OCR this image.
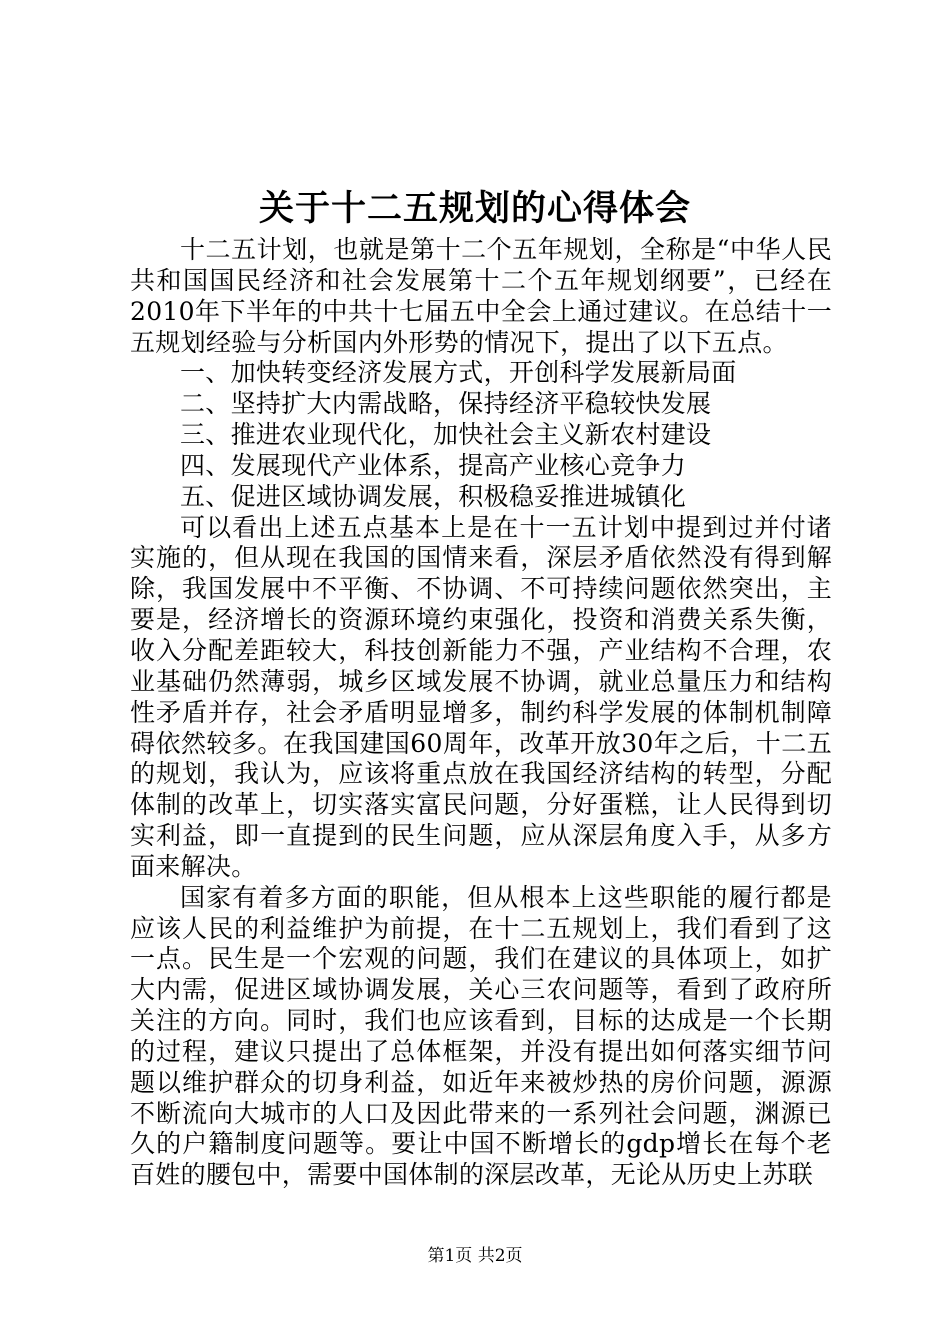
关于十二五规划的心得体会

十二五计划，也就是第十二个五年规划，全称是“中华人民共和国国民经济和社会发展第十二个五年规划纲要”，已经在2010年下半年的中共十七届五中全会上通过建议。在总结十一五规划经验与分析国内外形势的情况下，提出了以下五点。

一、加快转变经济发展方式，开创科学发展新局面

二、坚持扩大内需战略，保持经济平稳较快发展

三、推进农业现代化，加快社会主义新农村建设

四、发展现代产业体系，提高产业核心竞争力

五、促进区域协调发展，积极稳妥推进城镇化

可以看出上述五点基本上是在十一五计划中提到过并付诸实施的，但从现在我国的国情来看，深层矛盾依然没有得到解除，我国发展中不平衡、不协调、不可持续问题依然突出，主要是，经济增长的资源环境约束强化，投资和消费关系失衡，收入分配差距较大，科技创新能力不强，产业结构不合理，农业基础仍然薄弱，城乡区域发展不协调，就业总量压力和结构性矛盾并存，社会矛盾明显增多，制约科学发展的体制机制障碍依然较多。在我国建国60周年，改革开放30年之后，十二五的规划，我认为，应该将重点放在我国经济结构的转型，分配体制的改革上，切实落实富民问题，分好蛋糕，让人民得到切实利益，即一直提到的民生问题，应从深层角度入手，从多方面来解决。

国家有着多方面的职能，但从根本上这些职能的履行都是应该人民的利益维护为前提，在十二五规划上，我们看到了这一点。民生是一个宏观的问题，我们在建议的具体项上，如扩大内需，促进区域协调发展，关心三农问题等，看到了政府所关注的方向。同时，我们也应该看到，目标的达成是一个长期的过程，建议只提出了总体框架，并没有提出如何落实细节问题以维护群众的切身利益，如近年来被炒热的房价问题，源源不断流向大城市的人口及因此带来的一系列社会问题，渊源已久的户籍制度问题等。要让中国不断增长的gdp增长在每个老百姓的腰包中，需要中国体制的深层改革，无论从历史上苏联

第1页 共2页
